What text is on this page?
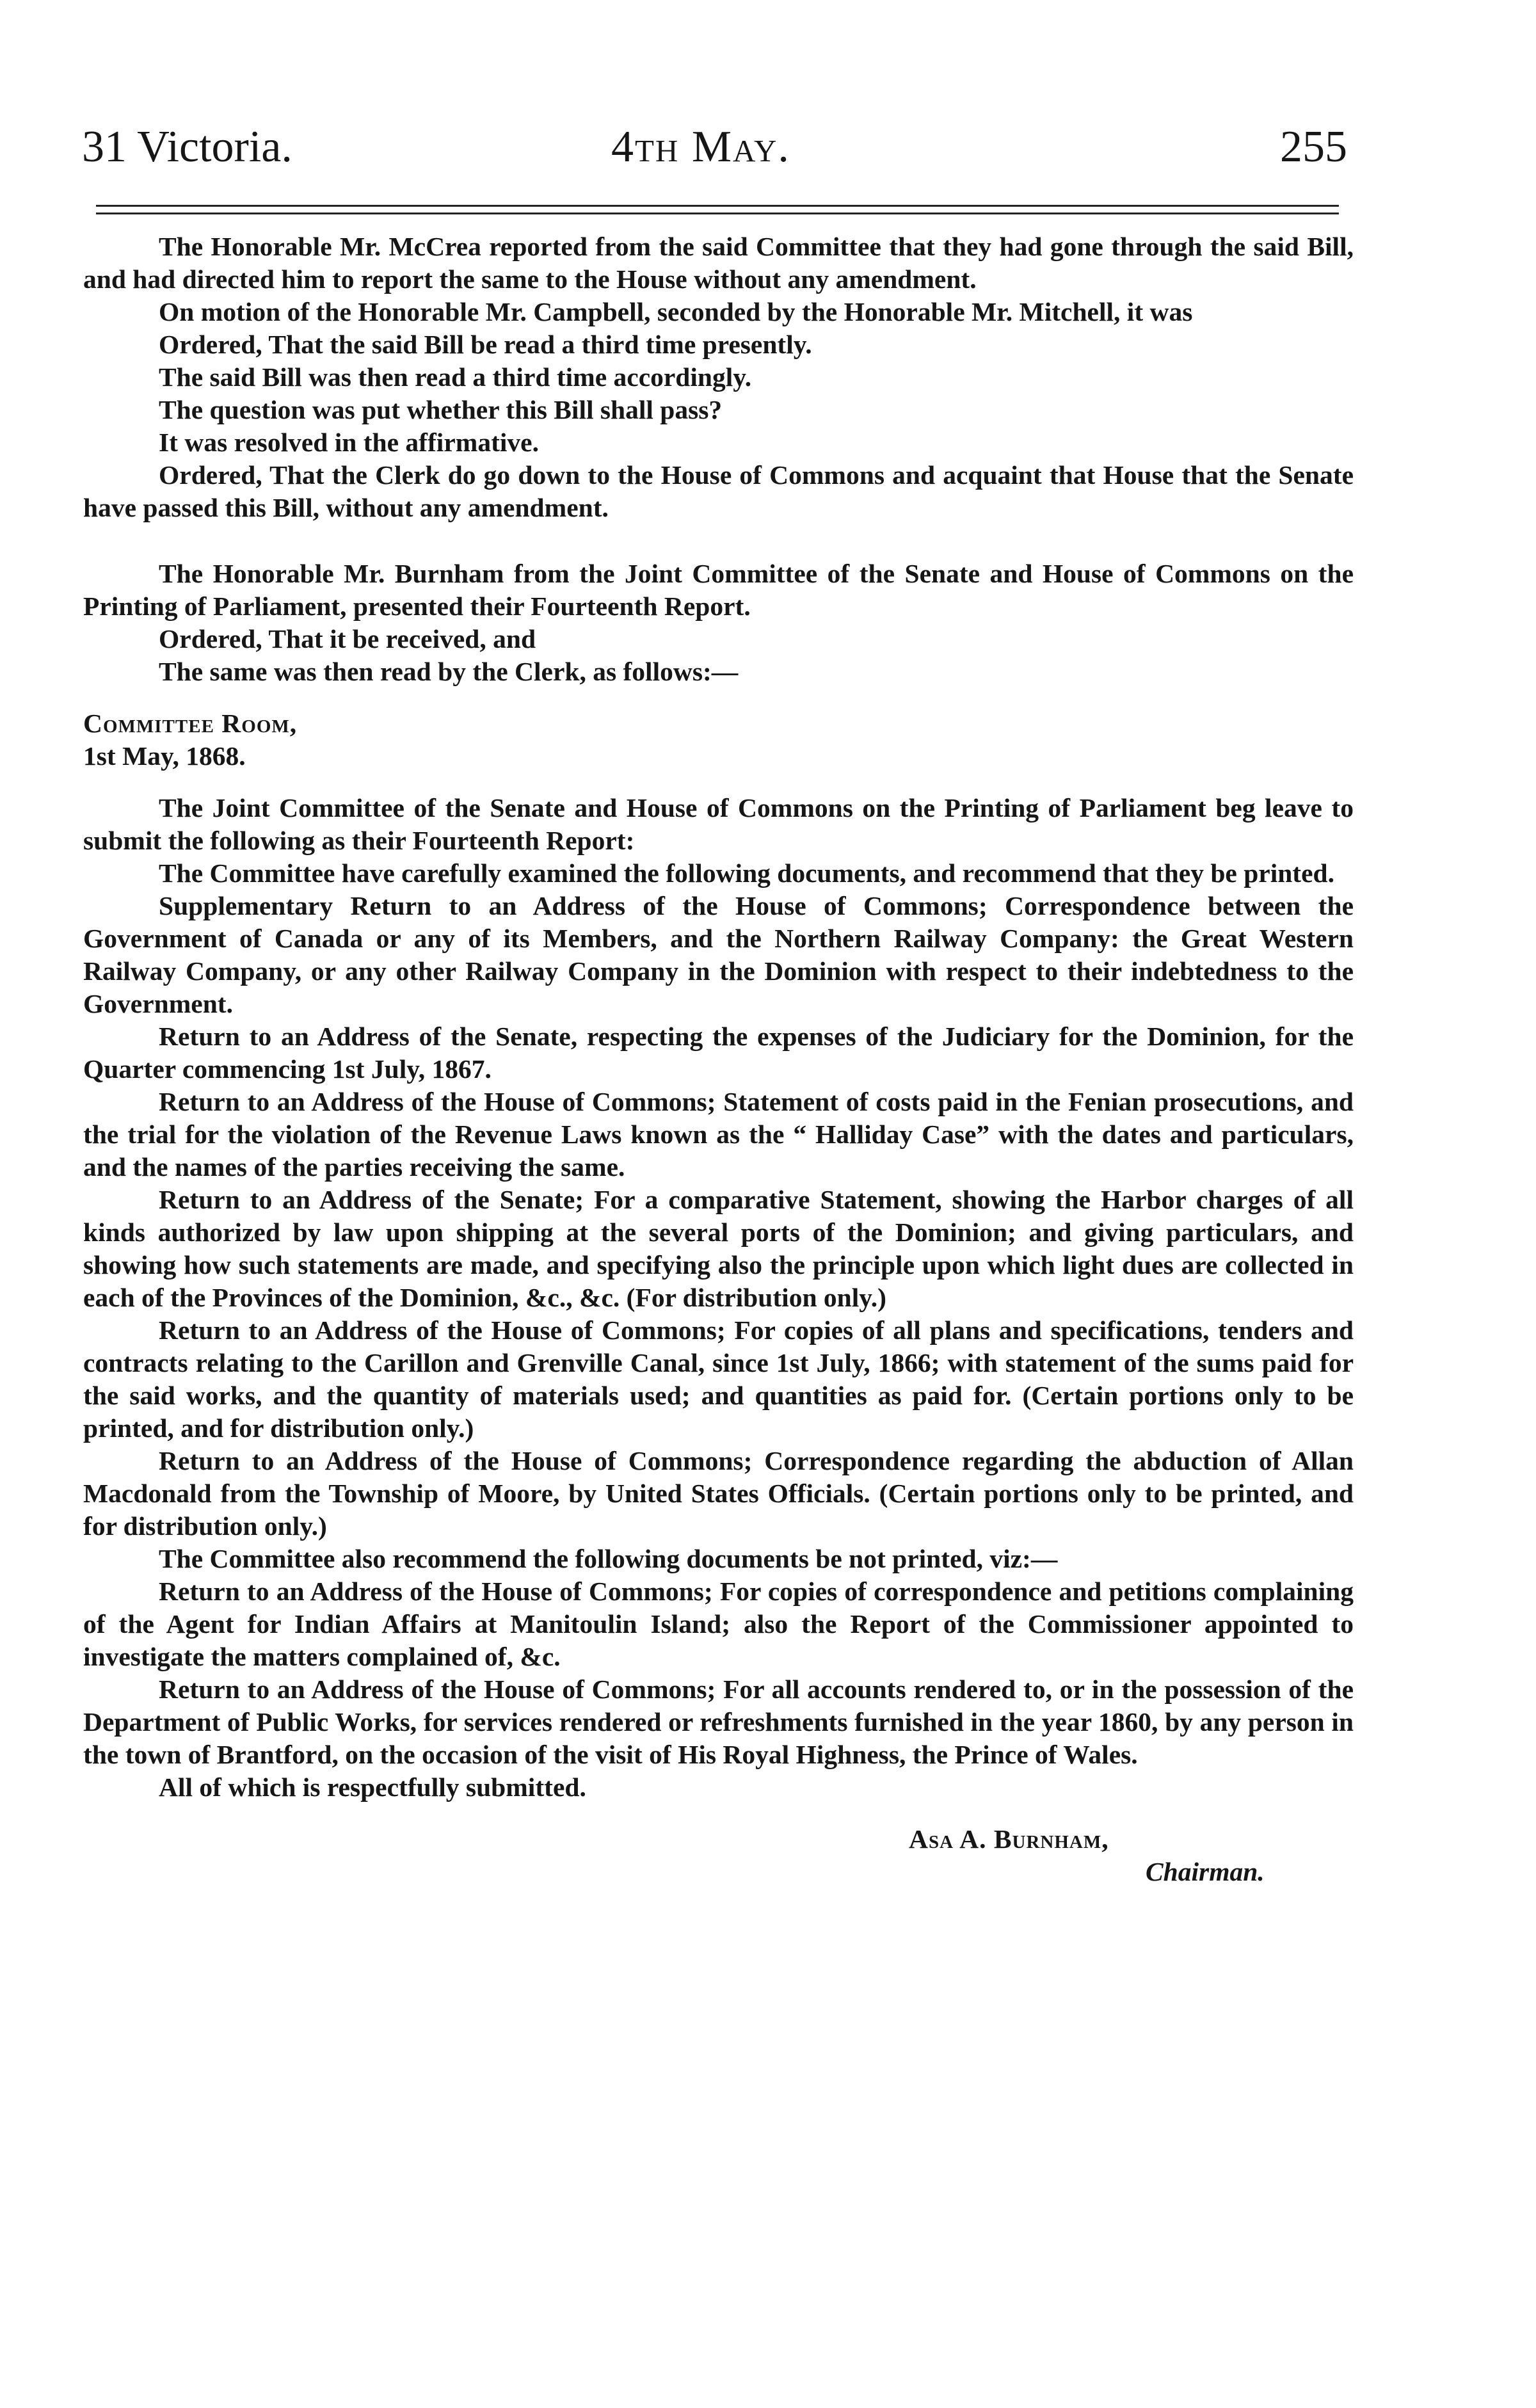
31 Victoria.	4th May.	255

The Honorable Mr. McCrea reported from the said Committee that they had gone through the said Bill, and had directed him to report the same to the House without any amendment.

On motion of the Honorable Mr. Campbell, seconded by the Honorable Mr. Mitchell, it was

Ordered, That the said Bill be read a third time presently.

The said Bill was then read a third time accordingly.

The question was put whether this Bill shall pass?

It was resolved in the affirmative.

Ordered, That the Clerk do go down to the House of Commons and acquaint that House that the Senate have passed this Bill, without any amendment.

The Honorable Mr. Burnham from the Joint Committee of the Senate and House of Commons on the Printing of Parliament, presented their Fourteenth Report.

Ordered, That it be received, and

The same was then read by the Clerk, as follows:—

Committee Room,

1st May, 1868.

The Joint Committee of the Senate and House of Commons on the Printing of Parliament beg leave to submit the following as their Fourteenth Report:

The Committee have carefully examined the following documents, and recommend that they be printed.

Supplementary Return to an Address of the House of Commons; Correspondence between the Government of Canada or any of its Members, and the Northern Railway Company: the Great Western Railway Company, or any other Railway Company in the Dominion with respect to their indebtedness to the Government.

Return to an Address of the Senate, respecting the expenses of the Judiciary for the Dominion, for the Quarter commencing 1st July, 1867.

Return to an Address of the House of Commons; Statement of costs paid in the Fenian prosecutions, and the trial for the violation of the Revenue Laws known as the “ Halliday Case” with the dates and particulars, and the names of the parties receiving the same.

Return to an Address of the Senate; For a comparative Statement, showing the Harbor charges of all kinds authorized by law upon shipping at the several ports of the Dominion; and giving particulars, and showing how such statements are made, and specifying also the principle upon which light dues are collected in each of the Provinces of the Dominion, &c., &c. (For distribution only.)

Return to an Address of the House of Commons; For copies of all plans and specifications, tenders and contracts relating to the Carillon and Grenville Canal, since 1st July, 1866; with statement of the sums paid for the said works, and the quantity of materials used; and quantities as paid for. (Certain portions only to be printed, and for distribution only.)

Return to an Address of the House of Commons; Correspondence regarding the abduction of Allan Macdonald from the Township of Moore, by United States Officials. (Certain portions only to be printed, and for distribution only.)

The Committee also recommend the following documents be not printed, viz:—

Return to an Address of the House of Commons; For copies of correspondence and petitions complaining of the Agent for Indian Affairs at Manitoulin Island; also the Report of the Commissioner appointed to investigate the matters complained of, &c.

Return to an Address of the House of Commons; For all accounts rendered to, or in the possession of the Department of Public Works, for services rendered or refreshments furnished in the year 1860, by any person in the town of Brantford, on the occasion of the visit of His Royal Highness, the Prince of Wales.

All of which is respectfully submitted.

Asa A. Burnham,

Chairman.
